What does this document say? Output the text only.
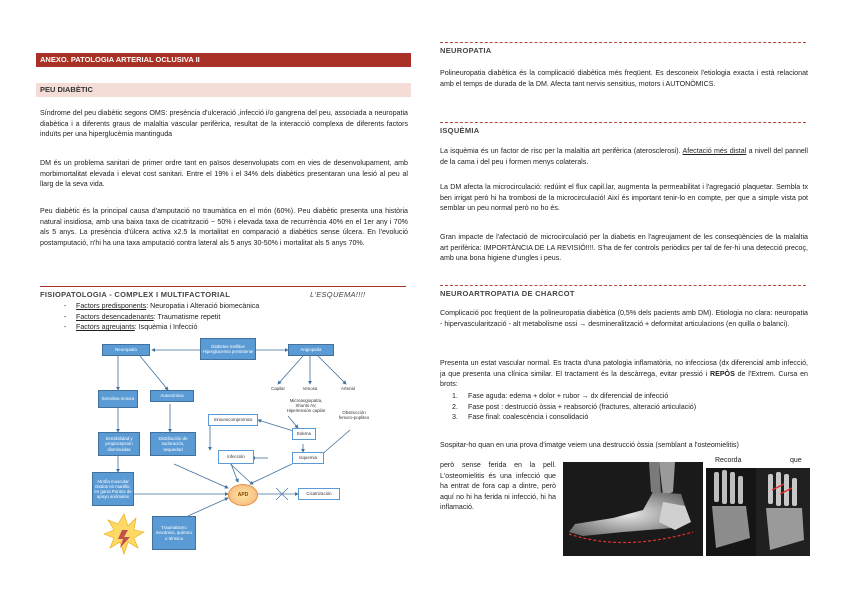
ANEXO. PATOLOGIA ARTERIAL OCLUSIVA II
PEU DIABÈTIC

Síndrome del peu diabètic segons OMS: presència d'ulceració ,infecció i/o gangrena del peu, associada a neuropatia diabètica i a diferents graus de malaltia vascular perifèrica, resultat de la interacció complexa de diferents factors induïts per una hiperglucèmia mantinguda

DM és un problema sanitari de primer ordre tant en països desenvolupats com en vies de desenvolupament, amb morbimortalitat elevada i elevat cost sanitari. Entre el 19% i el 34% dels diabètics presentaran una lesió al peu al llarg de la seva vida.

Peu diabètic és la principal causa d'amputació no traumàtica en el món (60%). Peu diabètic presenta una història natural insidiosa, amb una baixa taxa de cicatrització ~ 50% i elevada taxa de recurrència 40% en el 1er any i 70% als 5 anys. La presència d'úlcera activa x2.5 la mortalitat en comparació a diabètics sense úlcera. En l'evolució postamputació, n'hi ha una taxa amputació contra lateral als 5 anys 30-50% i mortalitat als 5 anys 70%.

FISIOPATOLOGIA - COMPLEX I MULTIFACTORIAL	L'ESQUEMA!!!!
- Factors predisponents: Neuropatia i Alteració biomecànica
- Factors desencadenants: Traumatisme repetit
- Factors agreujants: Isquèmia i Infecció
Diabetes mellitus Hiperglucemia persistente
Neuropatía	Angiopatía
Sensitiva motora
Autonómica
Capilar	Venosa	Arterial
Microangiopatía, Shunts AV, Hipertensión capilar	Obstrucción femoro-popliteo
Sensibilidad y propiocepción disminuidas
Distribución de sudoración, sequedad
Inmunocompromiso
Edema
Atrofia muscular Dedos en martillo, en garra Puntos de apoyo anómalos
Infección	Isquemia
APD	Cicatrización
Traumatismo mecánico, químico o térmico
NEUROPATIA

Polineuropatia diabètica és la complicació diabètica més freqüent. Es desconeix l'etiologia exacta i està relacionat amb el temps de durada de la DM. Afecta tant nervis sensitius, motors i AUTONÒMICS.

ISQUÈMIA

La isquèmia és un factor de risc per la malaltia art perifèrica (aterosclerosi). Afectació més distal a nivell del pannell de la cama i del peu i formen menys colaterals.

La DM afecta la microcirculació: redúint el flux capil.lar, augmenta la permeabilitat i l'agregació plaquetar. Sembla tx ben irrigat però hi ha trombosi de la microcirculació! Així és important tenir-lo en compte, per que a simple vista pot semblar un peu normal però no ho és.

Gran impacte de l'afectació de microcirculació per la diabetis en l'agreujament de les conseqüències de la malaltia art perifèrica: IMPORTÀNCIA DE LA REVISIÓ!!!!. S'ha de fer controls periòdics per tal de fer-hi una detecció precoç, amb una bona higiene d'ungles i peus.

NEUROARTROPATIA DE CHARCOT

Complicació poc freqüent de la polineuropatia diabètica (0,5% dels pacients amb DM). Etiologia no clara: neuropatia - hipervascularització - alt metabolisme ossi → desmineralització + deformitat articulacions (en quilla o balanci).

Presenta un estat vascular normal. Es tracta d'una patologia inflamatòria, no infecciosa (dx diferencial amb infecció, ja que presenta una clínica similar. El tractament és la descàrrega, evitar pressió i REPÒS de l'Extrem. Cursa en brots:

1. Fase aguda: edema + dolor + rubor → dx diferencial de infecció
2. Fase post : destrucció òssia + reabsorció (fractures, alteració articulació)
3. Fase final: coalescència i consolidació

Sospitar-ho quan en una prova d'imatge veiem una destrucció òssia (semblant a l'osteomielitis)

però sense ferida en la pell. L'osteomielitis és una infecció que ha entrat de fora cap a dintre, però aquí no hi ha ferida ni infecció, hi ha inflamació.

Recorda	que
